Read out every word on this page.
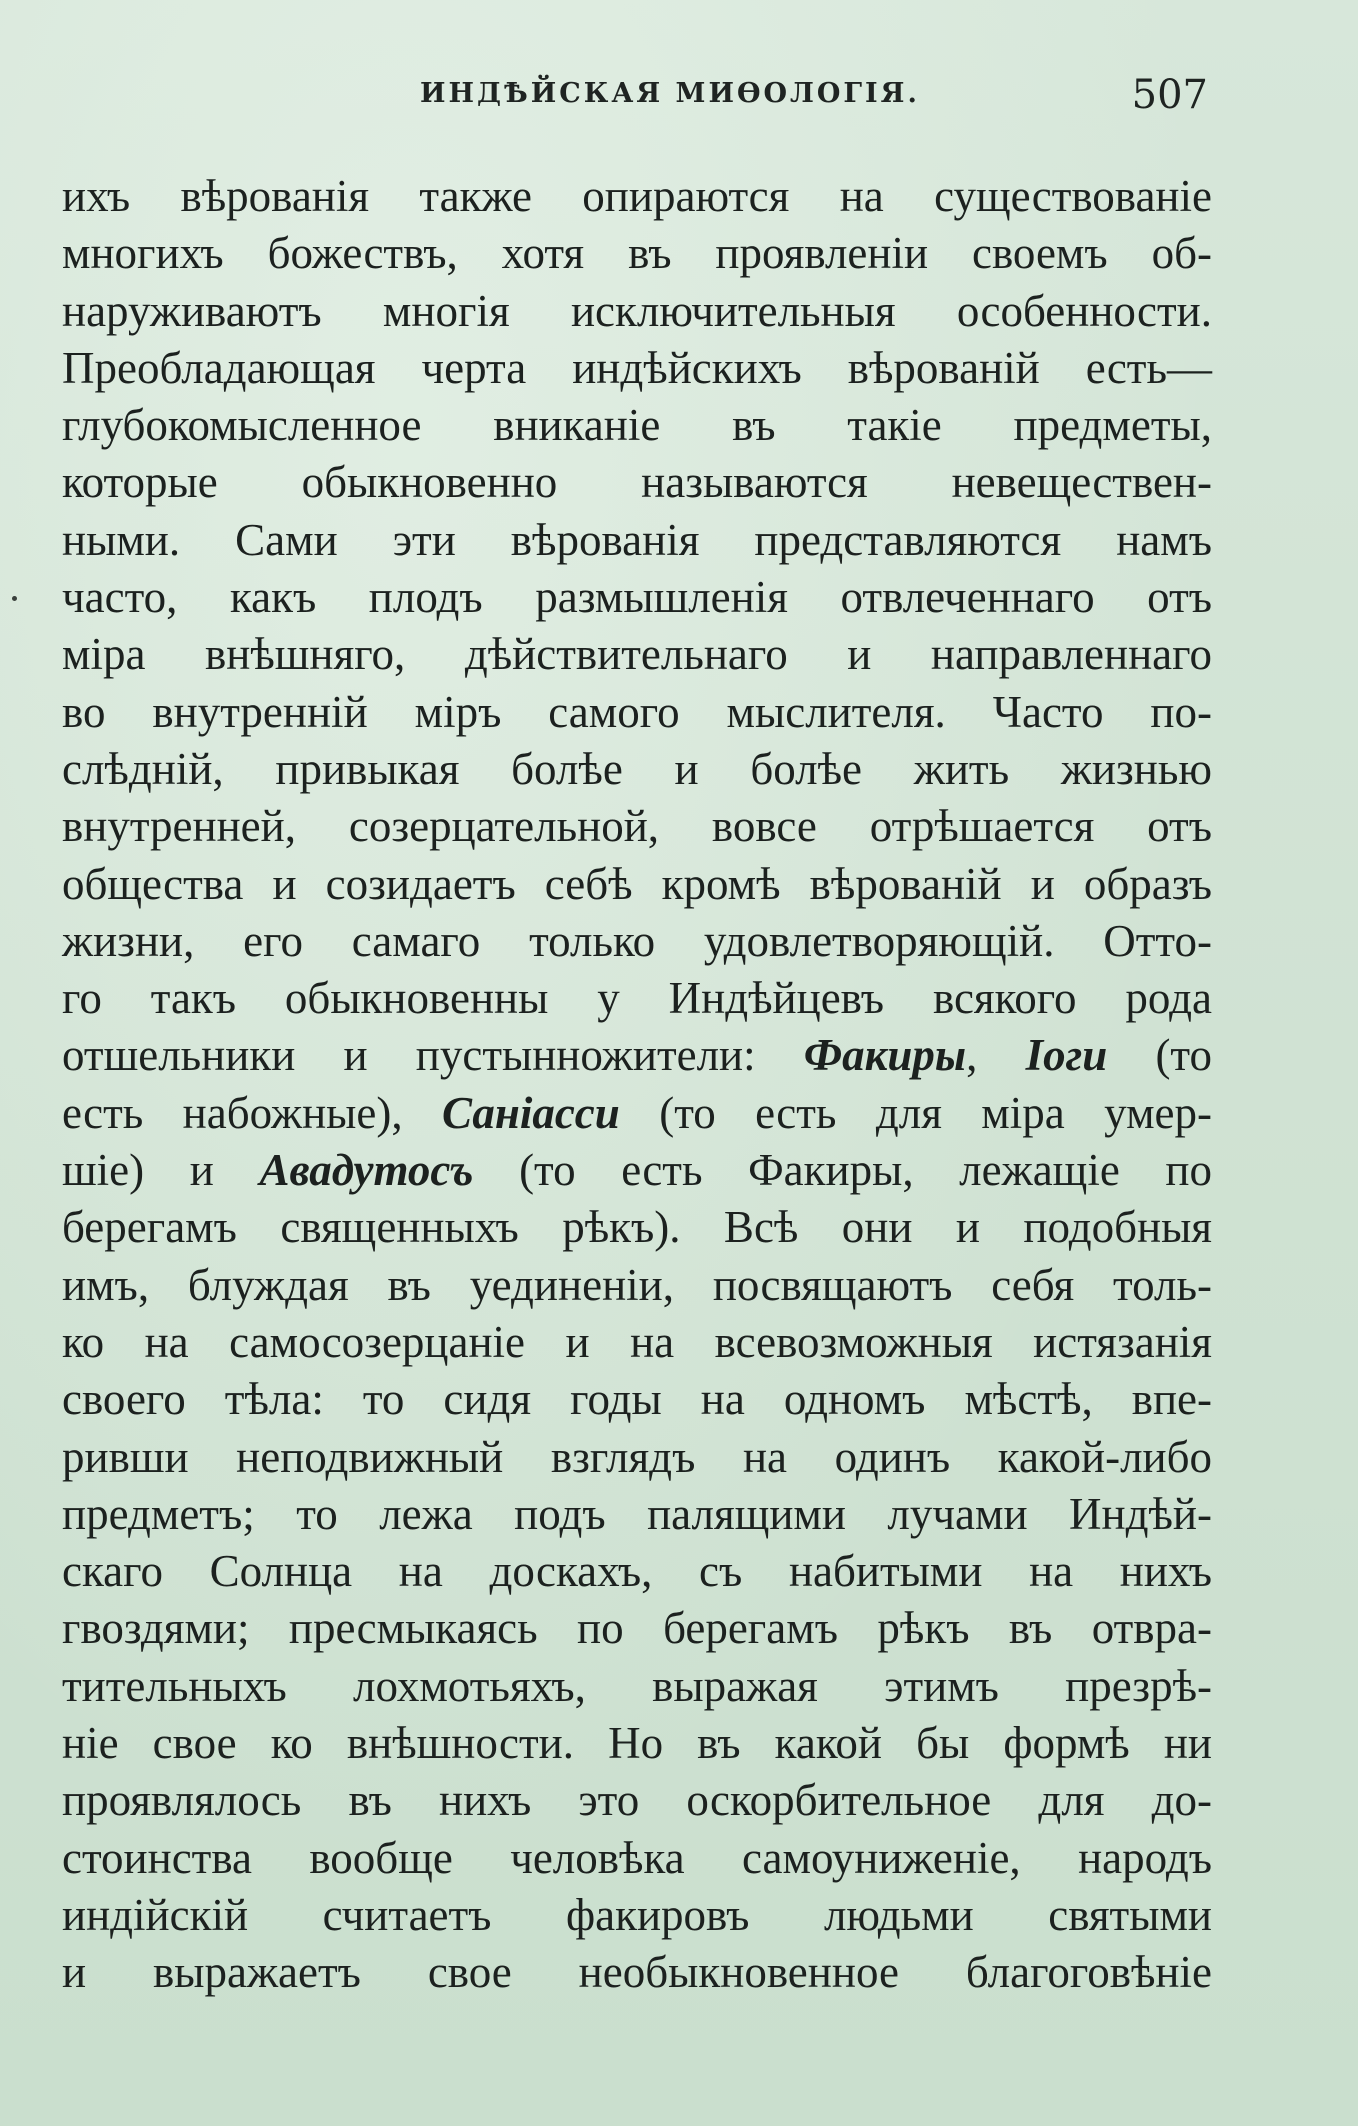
ИНДѢЙСКАЯ МИѲОЛОГІЯ.	507
ихъ вѣрованія также опираются на существованіе
многихъ божествъ, хотя въ проявленіи своемъ об-
наруживаютъ многія исключительныя особенности.
Преобладающая черта индѣйскихъ вѣрованій есть—
глубокомысленное вниканіе въ такіе предметы,
которые обыкновенно называются невеществен-
ными. Сами эти вѣрованія представляются намъ
часто, какъ плодъ размышленія отвлеченнаго отъ
міра внѣшняго, дѣйствительнаго и направленнаго
во внутренній міръ самого мыслителя. Часто по-
слѣдній, привыкая болѣе и болѣе жить жизнью
внутренней, созерцательной, вовсе отрѣшается отъ
общества и созидаетъ себѣ кромѣ вѣрованій и образъ
жизни, его самаго только удовлетворяющій. Отто-
го такъ обыкновенны у Индѣйцевъ всякого рода
отшельники и пустынножители: Факиры, Іоги (то
есть набожные), Саніасси (то есть для міра умер-
шіе) и Авадутосъ (то есть Факиры, лежащіе по
берегамъ священныхъ рѣкъ). Всѣ они и подобныя
имъ, блуждая въ уединеніи, посвящаютъ себя толь-
ко на самосозерцаніе и на всевозможныя истязанія
своего тѣла: то сидя годы на одномъ мѣстѣ, впе-
ривши неподвижный взглядъ на одинъ какой-либо
предметъ; то лежа подъ палящими лучами Индѣй-
скаго Солнца на доскахъ, съ набитыми на нихъ
гвоздями; пресмыкаясь по берегамъ рѣкъ въ отвра-
тительныхъ лохмотьяхъ, выражая этимъ презрѣ-
ніе свое ко внѣшности. Но въ какой бы формѣ ни
проявлялось въ нихъ это оскорбительное для до-
стоинства вообще человѣка самоуниженіе, народъ
индійскій считаетъ факировъ людьми святыми
и выражаетъ свое необыкновенное благоговѣніе
